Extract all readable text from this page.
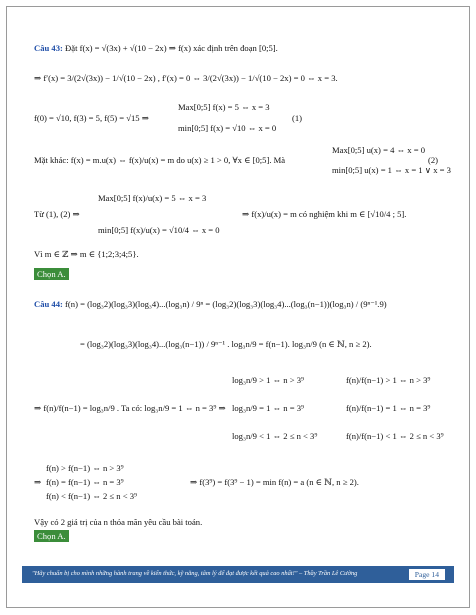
Câu 43: Đặt f(x) = √(3x) + √(10 − 2x) ⇒ f(x) xác định trên đoạn [0;5].
⇒ f′(x) = 3/(2√(3x)) − 1/√(10 − 2x) , f′(x) = 0 ⇔ 3/(2√(3x)) − 1/√(10 − 2x) = 0 ⇔ x = 3.
f(0) = √10, f(3) = 5, f(5) = √15 ⇒
Max[0;5] f(x) = 5 ⇔ x = 3
min[0;5] f(x) = √10 ⇔ x = 0
(1)
Mặt khác: f(x) = m.u(x) ⇔ f(x)/u(x) = m do u(x) ≥ 1 > 0, ∀x ∈ [0;5]. Mà
Max[0;5] u(x) = 4 ⇔ x = 0
min[0;5] u(x) = 1 ⇔ x = 1 ∨ x = 3
(2)
Từ (1), (2) ⇒
Max[0;5] f(x)/u(x) = 5 ⇔ x = 3
min[0;5] f(x)/u(x) = √10/4 ⇔ x = 0
⇒ f(x)/u(x) = m có nghiệm khi m ∈ [√10/4 ; 5].
Vì m ∈ ℤ ⇒ m ∈ {1;2;3;4;5}.
Chọn A.
Câu 44: f(n) = (log₃2)(log₃3)(log₃4)...(log₃n) / 9ⁿ = (log₃2)(log₃3)(log₃4)...(log₃(n−1))(log₃n) / (9ⁿ⁻¹.9)
= (log₃2)(log₃3)(log₃4)...(log₃(n−1)) / 9ⁿ⁻¹ . log₃n/9 = f(n−1). log₃n/9 (n ∈ ℕ, n ≥ 2).
⇒ f(n)/f(n−1) = log₃n/9 . Ta có: log₃n/9 = 1 ⇔ n = 3⁹ ⇒
log₃n/9 > 1 ⇔ n > 3⁹
log₃n/9 = 1 ⇔ n = 3⁹
log₃n/9 < 1 ⇔ 2 ≤ n < 3⁹
f(n)/f(n−1) > 1 ⇔ n > 3⁹
f(n)/f(n−1) = 1 ⇔ n = 3⁹
f(n)/f(n−1) < 1 ⇔ 2 ≤ n < 3⁹
⇒
f(n) > f(n−1) ⇔ n > 3⁹
f(n) = f(n−1) ⇔ n = 3⁹
f(n) < f(n−1) ⇔ 2 ≤ n < 3⁹
⇒ f(3⁹) = f(3⁹ − 1) = min f(n) = a (n ∈ ℕ, n ≥ 2).
Vậy có 2 giá trị của n thỏa mãn yêu cầu bài toán.
Chọn A.
"Hãy chuẩn bị cho mình những hành trang về kiến thức, kỹ năng, tâm lý để đạt được kết quả cao nhất!" – Thầy Trần Lê Cường	Page 14
